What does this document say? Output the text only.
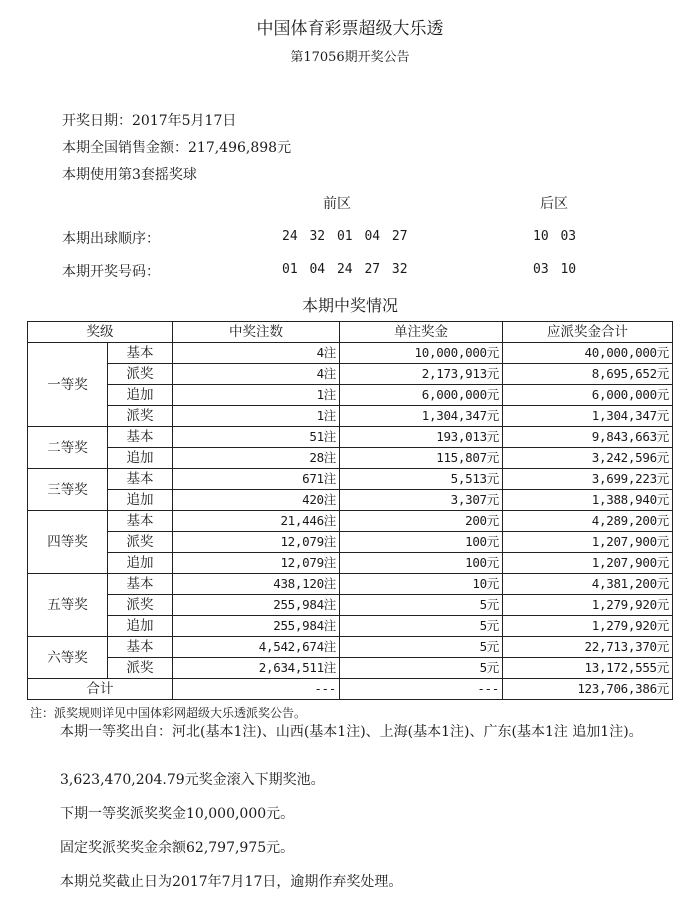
中国体育彩票超级大乐透
第17056期开奖公告
开奖日期：2017年5月17日
本期全国销售金额：217,496,898元
本期使用第3套摇奖球
前区	后区
本期出球顺序：	24 32 01 04 27	10 03
本期开奖号码：	01 04 24 27 32	03 10
本期中奖情况
奖级		中奖注数	单注奖金	应派奖金合计
一等奖	基本	4注	10,000,000元	40,000,000元
	派奖	4注	2,173,913元	8,695,652元
	追加	1注	6,000,000元	6,000,000元
	派奖	1注	1,304,347元	1,304,347元
二等奖	基本	51注	193,013元	9,843,663元
	追加	28注	115,807元	3,242,596元
三等奖	基本	671注	5,513元	3,699,223元
	追加	420注	3,307元	1,388,940元
四等奖	基本	21,446注	200元	4,289,200元
	派奖	12,079注	100元	1,207,900元
	追加	12,079注	100元	1,207,900元
五等奖	基本	438,120注	10元	4,381,200元
	派奖	255,984注	5元	1,279,920元
	追加	255,984注	5元	1,279,920元
六等奖	基本	4,542,674注	5元	22,713,370元
	派奖	2,634,511注	5元	13,172,555元
合计		---	---	123,706,386元
注：派奖规则详见中国体彩网超级大乐透派奖公告。
本期一等奖出自：河北(基本1注)、山西(基本1注)、上海(基本1注)、广东(基本1注 追加1注)。
3,623,470,204.79元奖金滚入下期奖池。
下期一等奖派奖奖金10,000,000元。
固定奖派奖奖金余额62,797,975元。
本期兑奖截止日为2017年7月17日，逾期作弃奖处理。
